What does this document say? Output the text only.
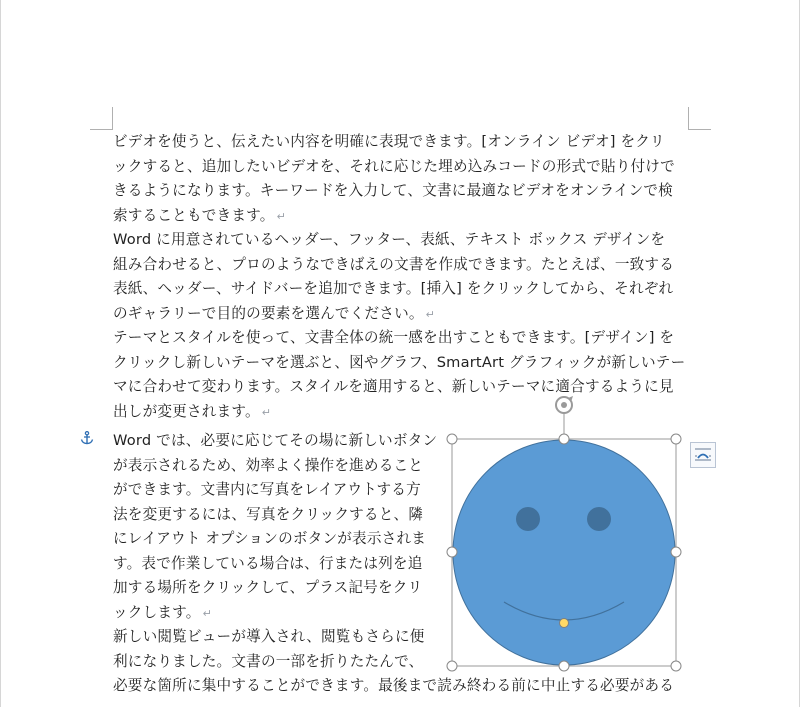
ビデオを使うと、伝えたい内容を明確に表現できます。[オンライン ビデオ] をクリ
ックすると、追加したいビデオを、それに応じた埋め込みコードの形式で貼り付けで
きるようになります。キーワードを入力して、文書に最適なビデオをオンラインで検
索することもできます。 ↵
Word に用意されているヘッダー、フッター、表紙、テキスト ボックス デザインを
組み合わせると、プロのようなできばえの文書を作成できます。たとえば、一致する
表紙、ヘッダー、サイドバーを追加できます。[挿入] をクリックしてから、それぞれ
のギャラリーで目的の要素を選んでください。 ↵
テーマとスタイルを使って、文書全体の統一感を出すこともできます。[デザイン] を
クリックし新しいテーマを選ぶと、図やグラフ、SmartArt グラフィックが新しいテー
マに合わせて変わります。スタイルを適用すると、新しいテーマに適合するように見
出しが変更されます。 ↵
Word では、必要に応じてその場に新しいボタン
が表示されるため、効率よく操作を進めること
ができます。文書内に写真をレイアウトする方
法を変更するには、写真をクリックすると、隣
にレイアウト オプションのボタンが表示されま
す。表で作業している場合は、行または列を追
加する場所をクリックして、プラス記号をクリ
ックします。 ↵
新しい閲覧ビューが導入され、閲覧もさらに便
利になりました。文書の一部を折りたたんで、
必要な箇所に集中することができます。最後まで読み終わる前に中止する必要がある
